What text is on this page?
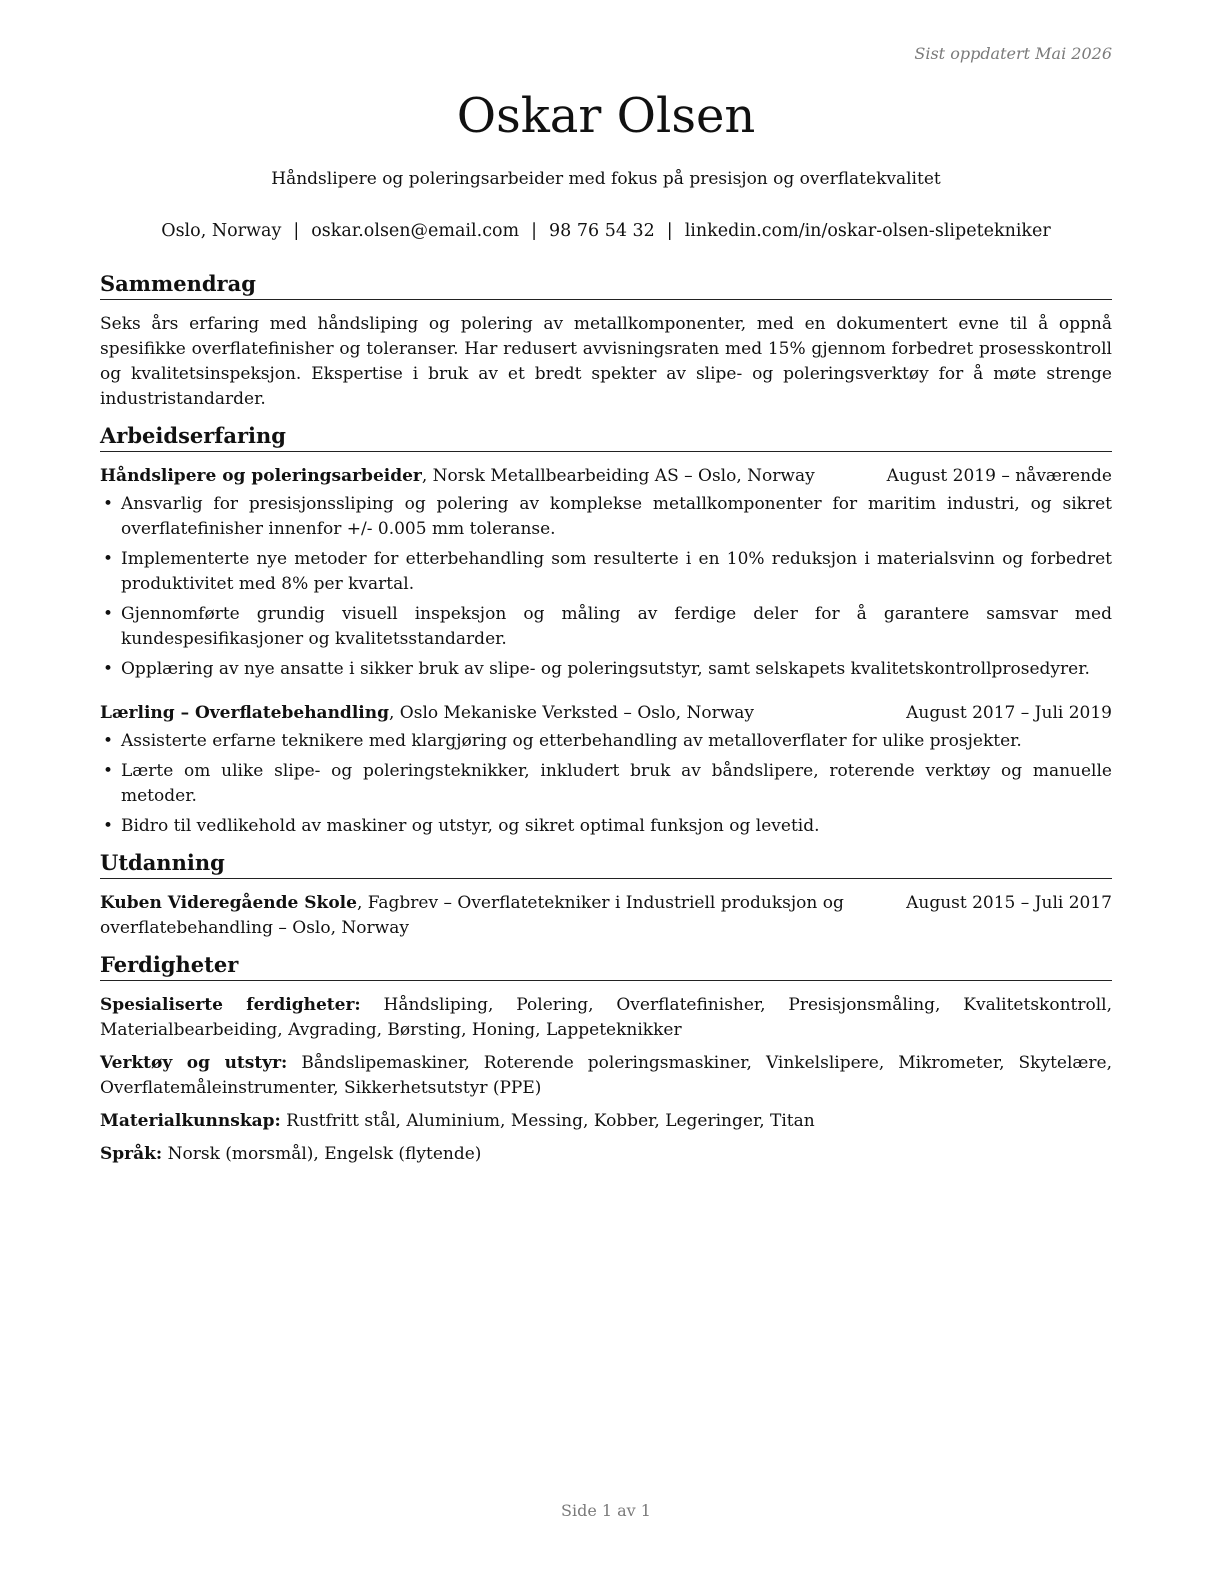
Sist oppdatert Mai 2026
Oskar Olsen
Håndslipere og poleringsarbeider med fokus på presisjon og overflatekvalitet
Oslo, Norway | oskar.olsen@email.com | 98 76 54 32 | linkedin.com/in/oskar-olsen-slipetekniker
Sammendrag

Seks års erfaring med håndsliping og polering av metallkomponenter, med en dokumentert evne til å oppnå spesifikke overflatefinisher og toleranser. Har redusert avvisningsraten med 15% gjennom forbedret prosesskontroll og kvalitetsinspeksjon. Ekspertise i bruk av et bredt spekter av slipe- og poleringsverktøy for å møte strenge industristandarder.

Arbeidserfaring
Håndslipere og poleringsarbeider, Norsk Metallbearbeiding AS – Oslo, Norway	August 2019 – nåværende
• Ansvarlig for presisjonssliping og polering av komplekse metallkomponenter for maritim industri, og sikret overflatefinisher innenfor +/- 0.005 mm toleranse.
• Implementerte nye metoder for etterbehandling som resulterte i en 10% reduksjon i materialsvinn og forbedret produktivitet med 8% per kvartal.
• Gjennomførte grundig visuell inspeksjon og måling av ferdige deler for å garantere samsvar med kundespesifikasjoner og kvalitetsstandarder.
• Opplæring av nye ansatte i sikker bruk av slipe- og poleringsutstyr, samt selskapets kvalitetskontrollprosedyrer.
Lærling – Overflatebehandling, Oslo Mekaniske Verksted – Oslo, Norway	August 2017 – Juli 2019
• Assisterte erfarne teknikere med klargjøring og etterbehandling av metalloverflater for ulike prosjekter.
• Lærte om ulike slipe- og poleringsteknikker, inkludert bruk av båndslipere, roterende verktøy og manuelle metoder.
• Bidro til vedlikehold av maskiner og utstyr, og sikret optimal funksjon og levetid.
Utdanning
Kuben Videregående Skole, Fagbrev – Overflatetekniker i Industriell produksjon og overflatebehandling – Oslo, Norway
August 2015 – Juli 2017
Ferdigheter
Spesialiserte ferdigheter: Håndsliping, Polering, Overflatefinisher, Presisjonsmåling, Kvalitetskontroll, Materialbearbeiding, Avgrading, Børsting, Honing, Lappeteknikker
Verktøy og utstyr: Båndslipemaskiner, Roterende poleringsmaskiner, Vinkelslipere, Mikrometer, Skytelære, Overflatemåleinstrumenter, Sikkerhetsutstyr (PPE)
Materialkunnskap: Rustfritt stål, Aluminium, Messing, Kobber, Legeringer, Titan
Språk: Norsk (morsmål), Engelsk (flytende)
Side 1 av 1
